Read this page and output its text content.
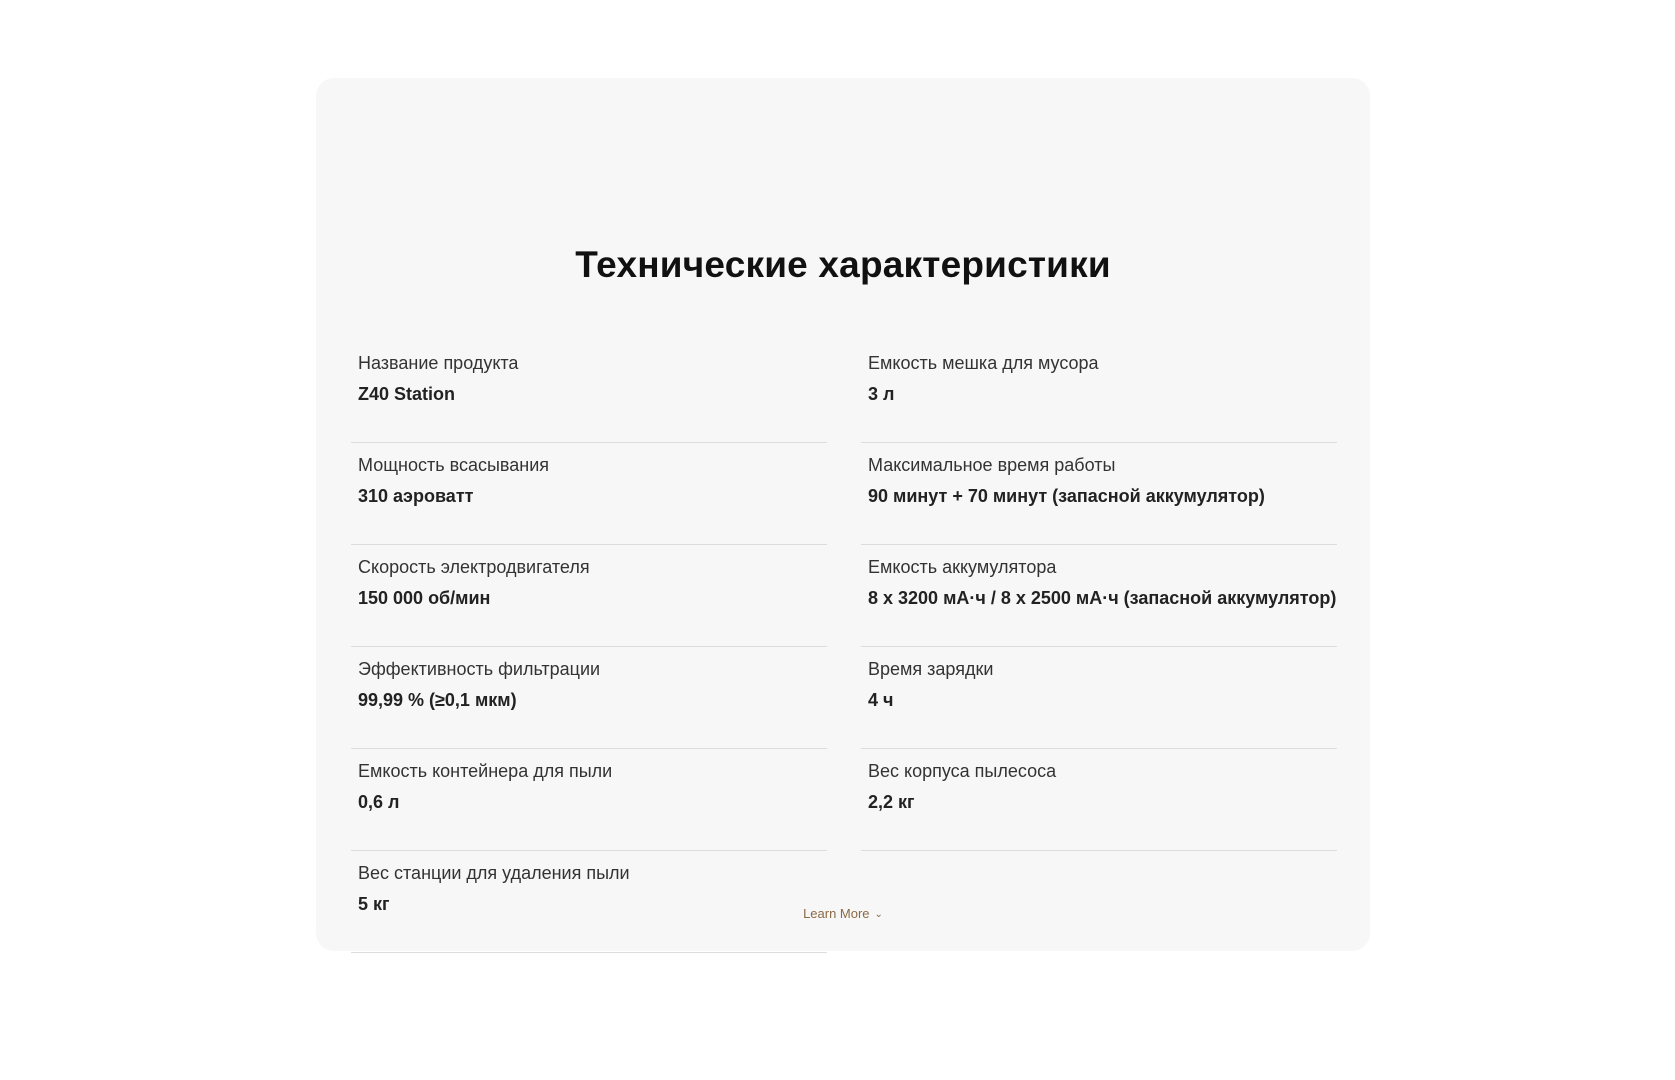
Технические характеристики
Название продукта
Z40 Station
Мощность всасывания
310 аэроватт
Скорость электродвигателя
150 000 об/мин
Эффективность фильтрации
99,99 % (≥0,1 мкм)
Емкость контейнера для пыли
0,6 л
Вес станции для удаления пыли
5 кг
Емкость мешка для мусора
3 л
Максимальное время работы
90 минут + 70 минут (запасной аккумулятор)
Емкость аккумулятора
8 x 3200 мА·ч / 8 x 2500 мА·ч (запасной аккумулятор)
Время зарядки
4 ч
Вес корпуса пылесоса
2,2 кг
Learn More ⌄
